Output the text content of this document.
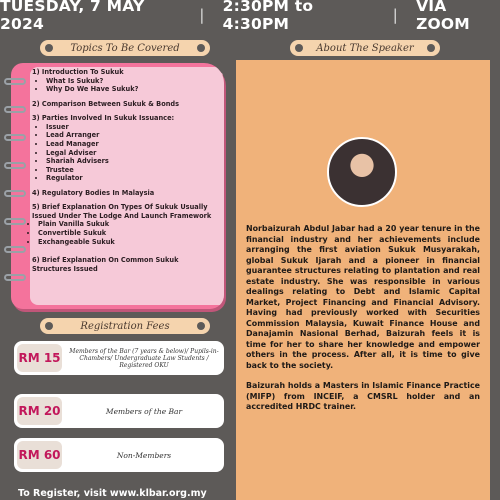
TUESDAY, 7 MAY 2024	| 2:30PM to 4:30PM	| VIA ZOOM
Topics To Be Covered	About The Speaker
1) Introduction To Sukuk
• What Is Sukuk?
• Why Do We Have Sukuk?
2) Comparison Between Sukuk & Bonds
3) Parties Involved In Sukuk Issuance:
• Issuer
• Lead Arranger
• Lead Manager
• Legal Adviser
• Shariah Advisers
• Trustee
• Regulator
4) Regulatory Bodies In Malaysia
5) Brief Explanation On Types Of Sukuk Usually Issued Under The Lodge And Launch Framework
• Plain Vanilla Sukuk
• Convertible Sukuk
• Exchangeable Sukuk
6) Brief Explanation On Common Sukuk Structures Issued

Norbaizurah Abdul Jabar had a 20 year tenure in the financial industry and her achievements include arranging the first aviation Sukuk Musyarakah, global Sukuk Ijarah and a pioneer in financial guarantee structures relating to plantation and real estate industry. She was responsible in various dealings relating to Debt and Islamic Capital Market, Project Financing and Financial Advisory. Having had previously worked with Securities Commission Malaysia, Kuwait Finance House and Danajamin Nasional Berhad, Baizurah feels it is time for her to share her knowledge and empower others in the process. After all, it is time to give back to the society.

Baizurah holds a Masters in Islamic Finance Practice (MIFP) from INCEIF, a CMSRL holder and an accredited HRDC trainer.

Registration Fees
RM 15	Members of the Bar (7 years & below)/ Pupils-in-Chambers/ Undergraduate Law Students / Registered OKU
RM 20	Members of the Bar
RM 60	Non-Members
To Register, visit www.klbar.org.my
